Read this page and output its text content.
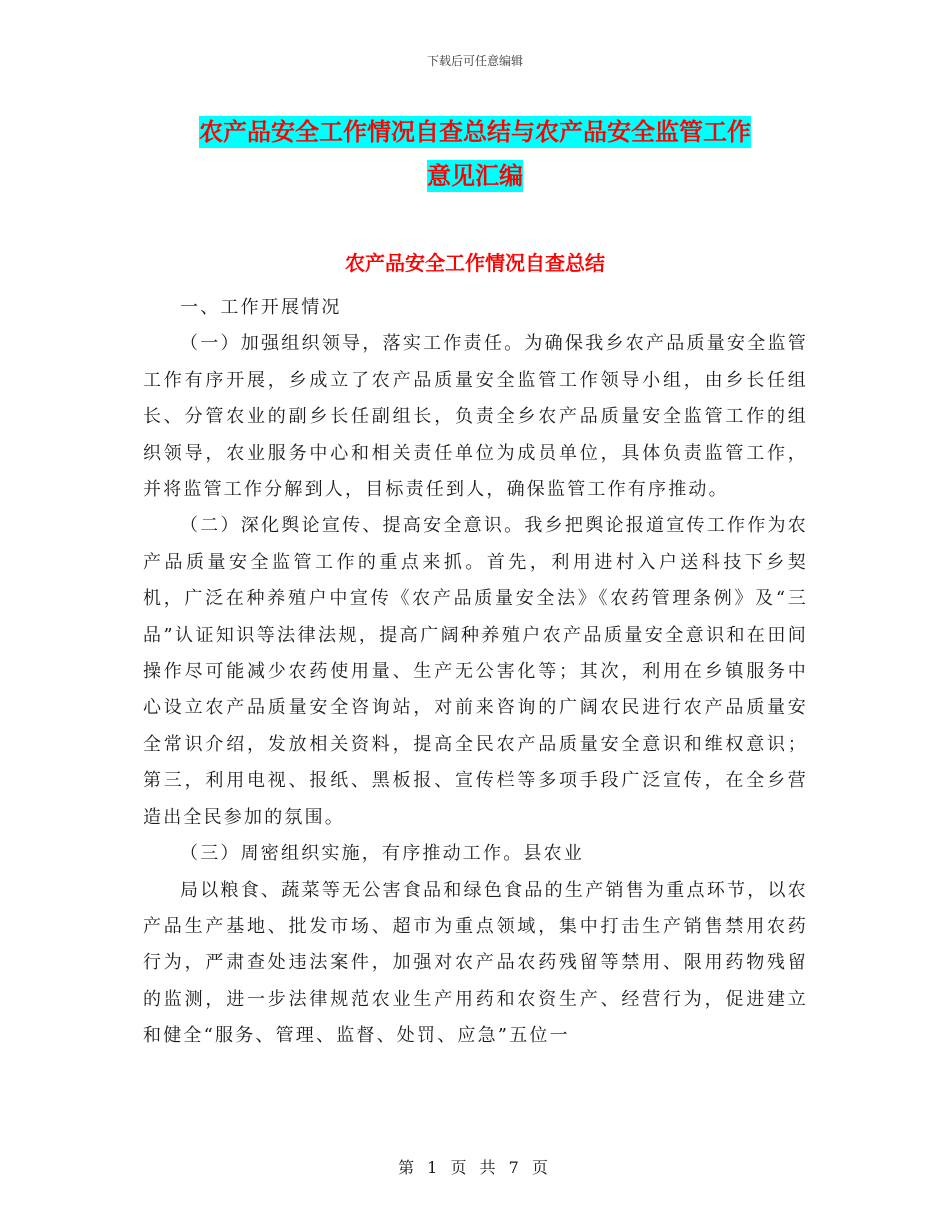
下载后可任意编辑
农产品安全工作情况自查总结与农产品安全监管工作
意见汇编
农产品安全工作情况自查总结

一、工作开展情况

（一）加强组织领导，落实工作责任。为确保我乡农产品质量安全监管工作有序开展，乡成立了农产品质量安全监管工作领导小组，由乡长任组长、分管农业的副乡长任副组长，负责全乡农产品质量安全监管工作的组织领导，农业服务中心和相关责任单位为成员单位，具体负责监管工作，并将监管工作分解到人，目标责任到人，确保监管工作有序推动。

（二）深化舆论宣传、提高安全意识。我乡把舆论报道宣传工作作为农产品质量安全监管工作的重点来抓。首先，利用进村入户送科技下乡契机，广泛在种养殖户中宣传《农产品质量安全法》《农药管理条例》及“三品”认证知识等法律法规，提高广阔种养殖户农产品质量安全意识和在田间操作尽可能减少农药使用量、生产无公害化等；其次，利用在乡镇服务中心设立农产品质量安全咨询站，对前来咨询的广阔农民进行农产品质量安全常识介绍，发放相关资料，提高全民农产品质量安全意识和维权意识；第三，利用电视、报纸、黑板报、宣传栏等多项手段广泛宣传，在全乡营造出全民参加的氛围。

（三）周密组织实施，有序推动工作。县农业

局以粮食、蔬菜等无公害食品和绿色食品的生产销售为重点环节，以农产品生产基地、批发市场、超市为重点领域，集中打击生产销售禁用农药行为，严肃查处违法案件，加强对农产品农药残留等禁用、限用药物残留的监测，进一步法律规范农业生产用药和农资生产、经营行为，促进建立和健全“服务、管理、监督、处罚、应急”五位一

第 1 页 共 7 页
